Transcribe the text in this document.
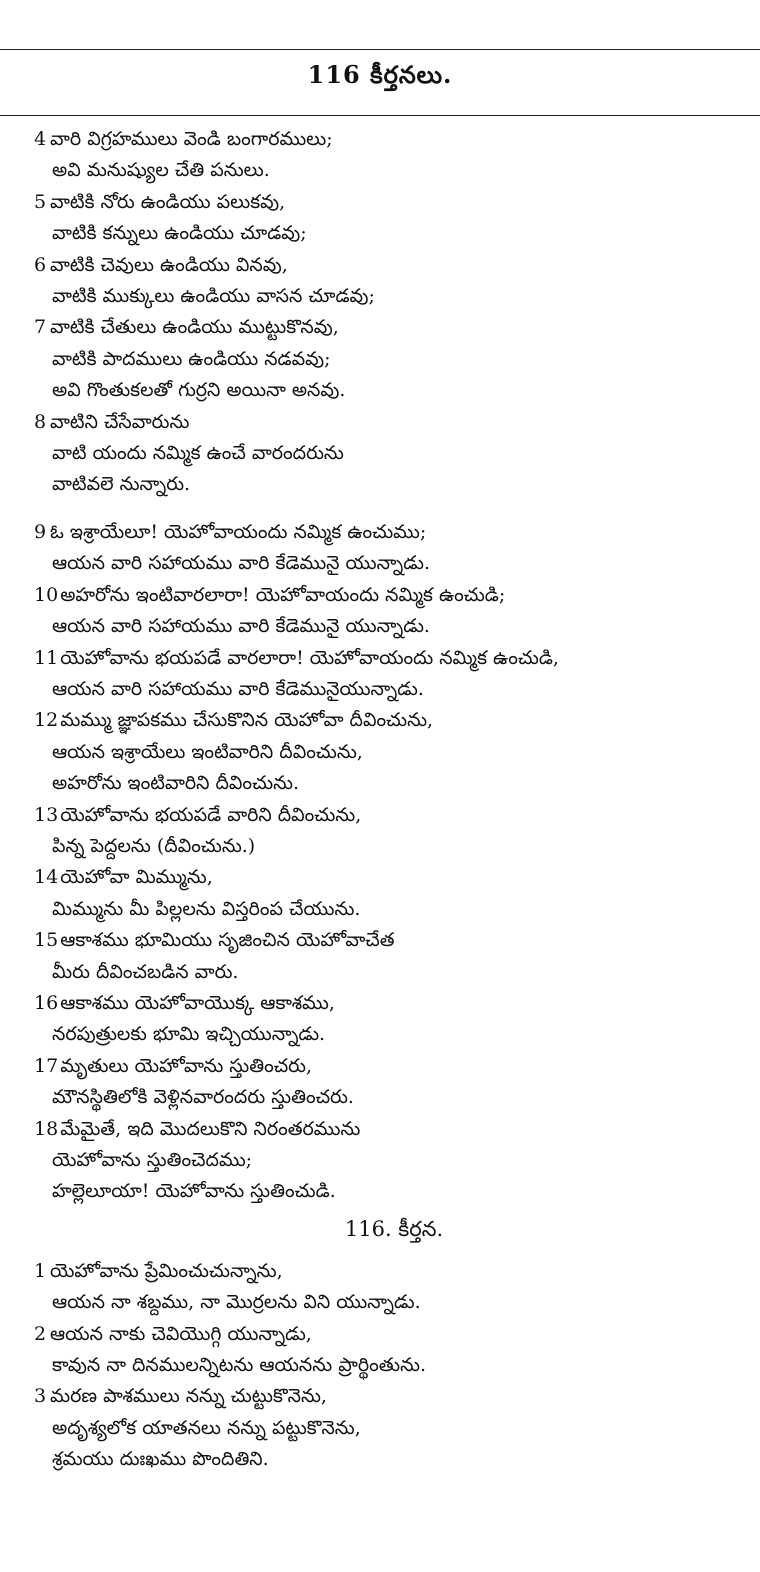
116 కీర్తనలు.
4 వారి విగ్రహములు వెండి బంగారములు;
అవి మనుష్యుల చేతి పనులు.
5 వాటికి నోరు ఉండియు పలుకవు,
వాటికి కన్నులు ఉండియు చూడవు;
6 వాటికి చెవులు ఉండియు వినవు,
వాటికి ముక్కులు ఉండియు వాసన చూడవు;
7 వాటికి చేతులు ఉండియు ముట్టుకొనవు,
వాటికి పాదములు ఉండియు నడవవు;
అవి గొంతుకలతో గుర్రని అయినా అనవు.
8 వాటిని చేసేవారును
వాటి యందు నమ్మిక ఉంచే వారందరును
వాటివలె నున్నారు.
9 ఓ ఇశ్రాయేలూ! యెహోవాయందు నమ్మిక ఉంచుము;
ఆయన వారి సహాయము వారి కేడెమునై యున్నాడు.
10 అహరోను ఇంటివారలారా! యెహోవాయందు నమ్మిక ఉంచుడి;
ఆయన వారి సహాయము వారి కేడెమునై యున్నాడు.
11 యెహోవాను భయపడే వారలారా! యెహోవాయందు నమ్మిక ఉంచుడి,
ఆయన వారి సహాయము వారి కేడెమునైయున్నాడు.
12 మమ్ము జ్ఞాపకము చేసుకొనిన యెహోవా దీవించును,
ఆయన ఇశ్రాయేలు ఇంటివారిని దీవించును,
అహరోను ఇంటివారిని దీవించును.
13 యెహోవాను భయపడే వారిని దీవించును,
పిన్న పెద్దలను (దీవించును.)
14 యెహోవా మిమ్మును,
మిమ్మును మీ పిల్లలను విస్తరింప చేయును.
15 ఆకాశము భూమియు సృజించిన యెహోవాచేత
మీరు దీవించబడిన వారు.
16 ఆకాశము యెహోవాయొక్క ఆకాశము,
నరపుత్రులకు భూమి ఇచ్చియున్నాడు.
17 మృతులు యెహోవాను స్తుతించరు,
మౌనస్థితిలోకి వెళ్లినవారందరు స్తుతించరు.
18 మేమైతే, ఇది మొదలుకొని నిరంతరమును
యెహోవాను స్తుతించెదము;
హల్లెలూయా! యెహోవాను స్తుతించుడి.
116. కీర్తన.
1 యెహోవాను ప్రేమించుచున్నాను,
ఆయన నా శబ్దము, నా మొర్రలను విని యున్నాడు.
2 ఆయన నాకు చెవియొగ్గి యున్నాడు,
కావున నా దినములన్నిటను ఆయనను ప్రార్థింతును.
3 మరణ పాశములు నన్ను చుట్టుకొనెను,
అదృశ్యలోక యాతనలు నన్ను పట్టుకొనెను,
శ్రమయు దుఃఖము పొందితిని.
